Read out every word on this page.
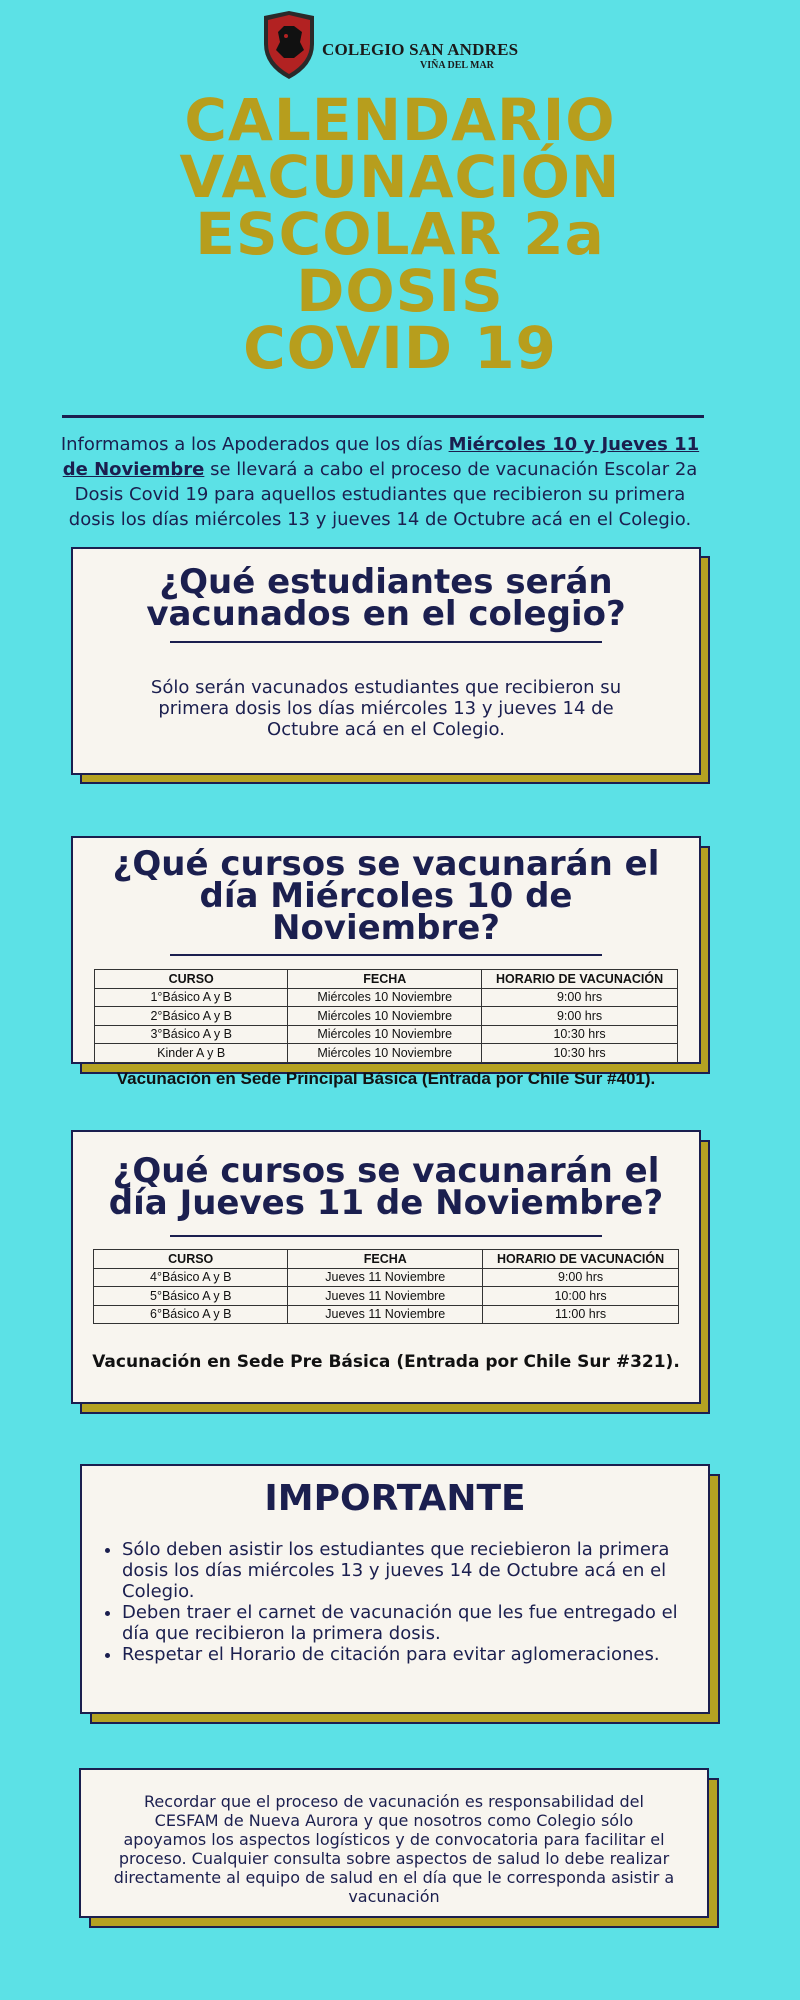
COLEGIO SAN ANDRES
VIÑA DEL MAR
CALENDARIO
VACUNACIÓN
ESCOLAR 2a
DOSIS
COVID 19
Informamos a los Apoderados que los días Miércoles 10 y Jueves 11 de Noviembre se llevará a cabo el proceso de vacunación Escolar 2a Dosis Covid 19 para aquellos estudiantes que recibieron su primera dosis los días miércoles 13 y jueves 14 de Octubre acá en el Colegio.
¿Qué estudiantes serán vacunados en el colegio?
Sólo serán vacunados estudiantes que recibieron su primera dosis los días miércoles 13 y jueves 14 de Octubre acá en el Colegio.
¿Qué cursos se vacunarán el día Miércoles 10 de Noviembre?
CURSO	FECHA	HORARIO DE VACUNACIÓN
1°Básico A y B	Miércoles 10 Noviembre	9:00 hrs
2°Básico A y B	Miércoles 10 Noviembre	9:00 hrs
3°Básico A y B	Miércoles 10 Noviembre	10:30 hrs
Kinder A y B	Miércoles 10 Noviembre	10:30 hrs
Vacunación en Sede Principal Básica (Entrada por Chile Sur #401).
¿Qué cursos se vacunarán el día Jueves 11 de Noviembre?
CURSO	FECHA	HORARIO DE VACUNACIÓN
4°Básico A y B	Jueves 11 Noviembre	9:00 hrs
5°Básico A y B	Jueves 11 Noviembre	10:00 hrs
6°Básico A y B	Jueves 11 Noviembre	11:00 hrs
Vacunación en Sede Pre Básica (Entrada por Chile Sur #321).
IMPORTANTE
• Sólo deben asistir los estudiantes que reciebieron la primera dosis los días miércoles 13 y jueves 14 de Octubre acá en el Colegio.
• Deben traer el carnet de vacunación que les fue entregado el día que recibieron la primera dosis.
• Respetar el Horario de citación para evitar aglomeraciones.
Recordar que el proceso de vacunación es responsabilidad del CESFAM de Nueva Aurora y que nosotros como Colegio sólo apoyamos los aspectos logísticos y de convocatoria para facilitar el proceso. Cualquier consulta sobre aspectos de salud lo debe realizar directamente al equipo de salud en el día que le corresponda asistir a vacunación
